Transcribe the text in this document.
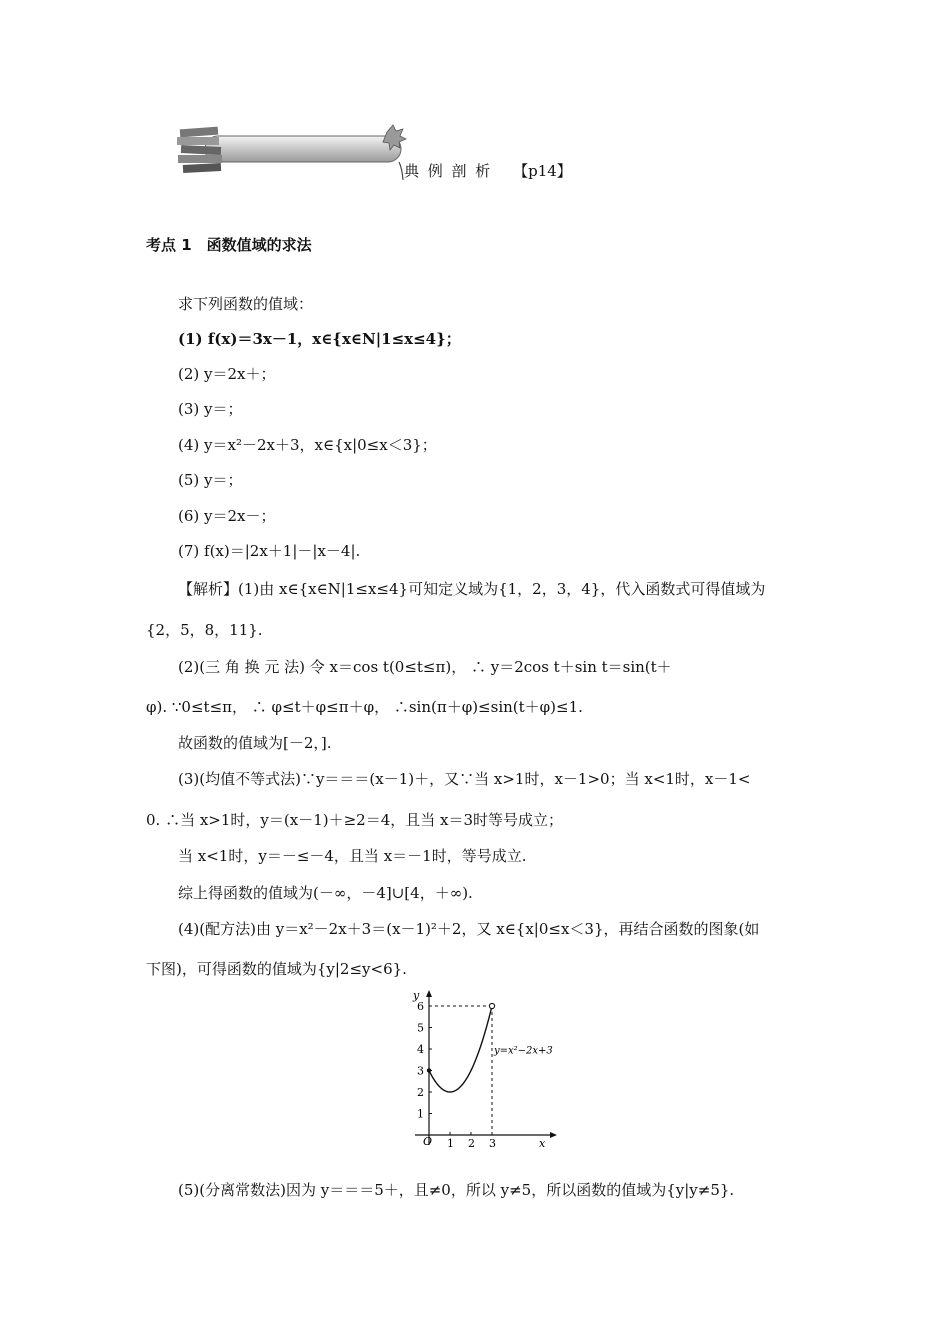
典 例 剖 析 【p14】
考点 1　函数值域的求法
求下列函数的值域：
(1) f(x)＝3x－1，x∈{x∈N|1≤x≤4}；
(2) y＝2x＋；
(3) y＝；
(4) y＝x²－2x＋3，x∈{x|0≤x＜3}；
(5) y＝；
(6) y＝2x－；
(7) f(x)＝|2x＋1|－|x－4|.
【解析】(1)由 x∈{x∈N|1≤x≤4}可知定义域为{1，2，3，4}，代入函数式可得值域为
{2，5，8，11}.
(2)(三 角 换 元 法) 令 x＝cos t(0≤t≤π)， ∴ y＝2cos t＋sin t＝sin(t＋
φ). ∵0≤t≤π， ∴ φ≤t＋φ≤π＋φ， ∴sin(π＋φ)≤sin(t＋φ)≤1.
故函数的值域为[－2，].
(3)(均值不等式法)∵y＝＝＝(x－1)＋，又∵当 x>1时，x－1>0；当 x<1时，x－1<
0. ∴当 x>1时，y＝(x－1)＋≥2＝4，且当 x＝3时等号成立；
当 x<1时，y＝－≤－4，且当 x＝－1时，等号成立.
综上得函数的值域为(－∞，－4]∪[4，＋∞).
(4)(配方法)由 y＝x²－2x＋3＝(x－1)²＋2，又 x∈{x|0≤x＜3}，再结合函数的图象(如
下图)，可得函数的值域为{y|2≤y<6}.
y
x
O
1
2
3
4
5
6
1 2 3
y=x²−2x+3
(5)(分离常数法)因为 y＝＝＝5＋，且≠0，所以 y≠5，所以函数的值域为{y|y≠5}.
